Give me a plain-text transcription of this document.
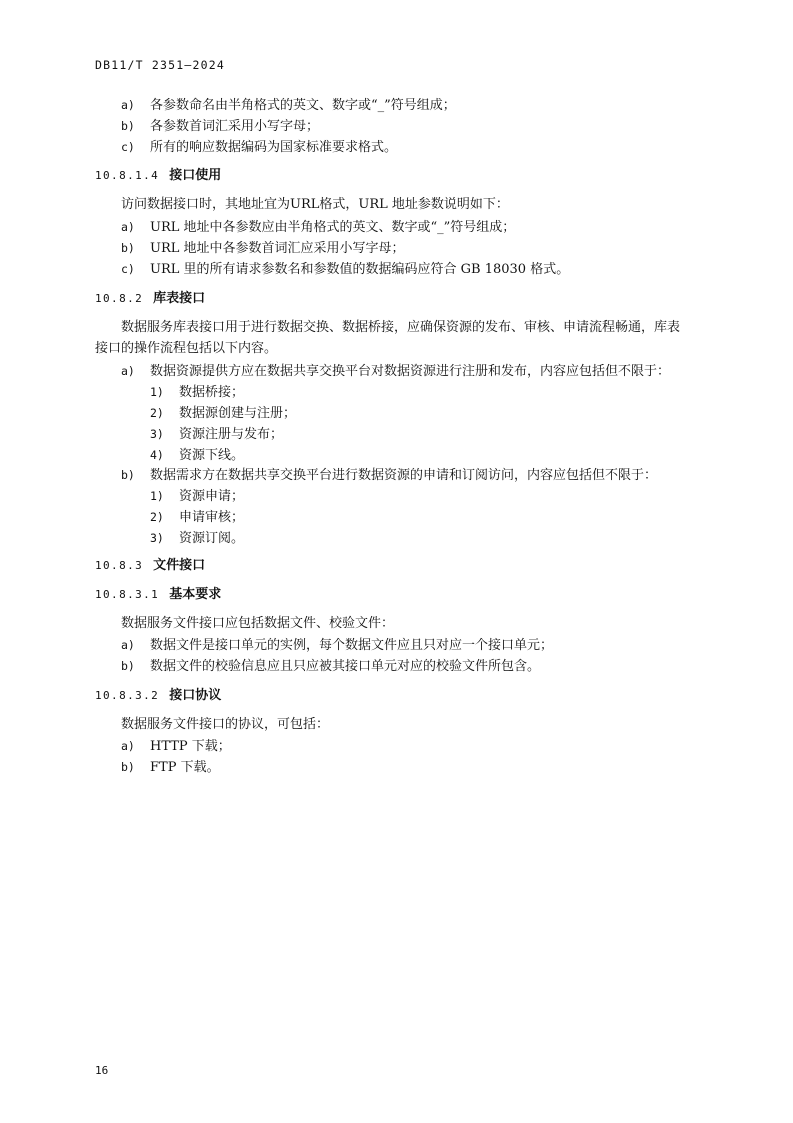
DB11/T 2351—2024
a) 各参数命名由半角格式的英文、数字或“_”符号组成；
b) 各参数首词汇采用小写字母；
c) 所有的响应数据编码为国家标准要求格式。
10.8.1.4 接口使用
访问数据接口时，其地址宜为URL格式，URL 地址参数说明如下：
a) URL 地址中各参数应由半角格式的英文、数字或“_”符号组成；
b) URL 地址中各参数首词汇应采用小写字母；
c) URL 里的所有请求参数名和参数值的数据编码应符合 GB 18030 格式。
10.8.2 库表接口
数据服务库表接口用于进行数据交换、数据桥接，应确保资源的发布、审核、申请流程畅通，库表
接口的操作流程包括以下内容。
a) 数据资源提供方应在数据共享交换平台对数据资源进行注册和发布，内容应包括但不限于：
1) 数据桥接；
2) 数据源创建与注册；
3) 资源注册与发布；
4) 资源下线。
b) 数据需求方在数据共享交换平台进行数据资源的申请和订阅访问，内容应包括但不限于：
1) 资源申请；
2) 申请审核；
3) 资源订阅。
10.8.3 文件接口
10.8.3.1 基本要求
数据服务文件接口应包括数据文件、校验文件：
a) 数据文件是接口单元的实例，每个数据文件应且只对应一个接口单元；
b) 数据文件的校验信息应且只应被其接口单元对应的校验文件所包含。
10.8.3.2 接口协议
数据服务文件接口的协议，可包括：
a) HTTP 下载；
b) FTP 下载。
16
